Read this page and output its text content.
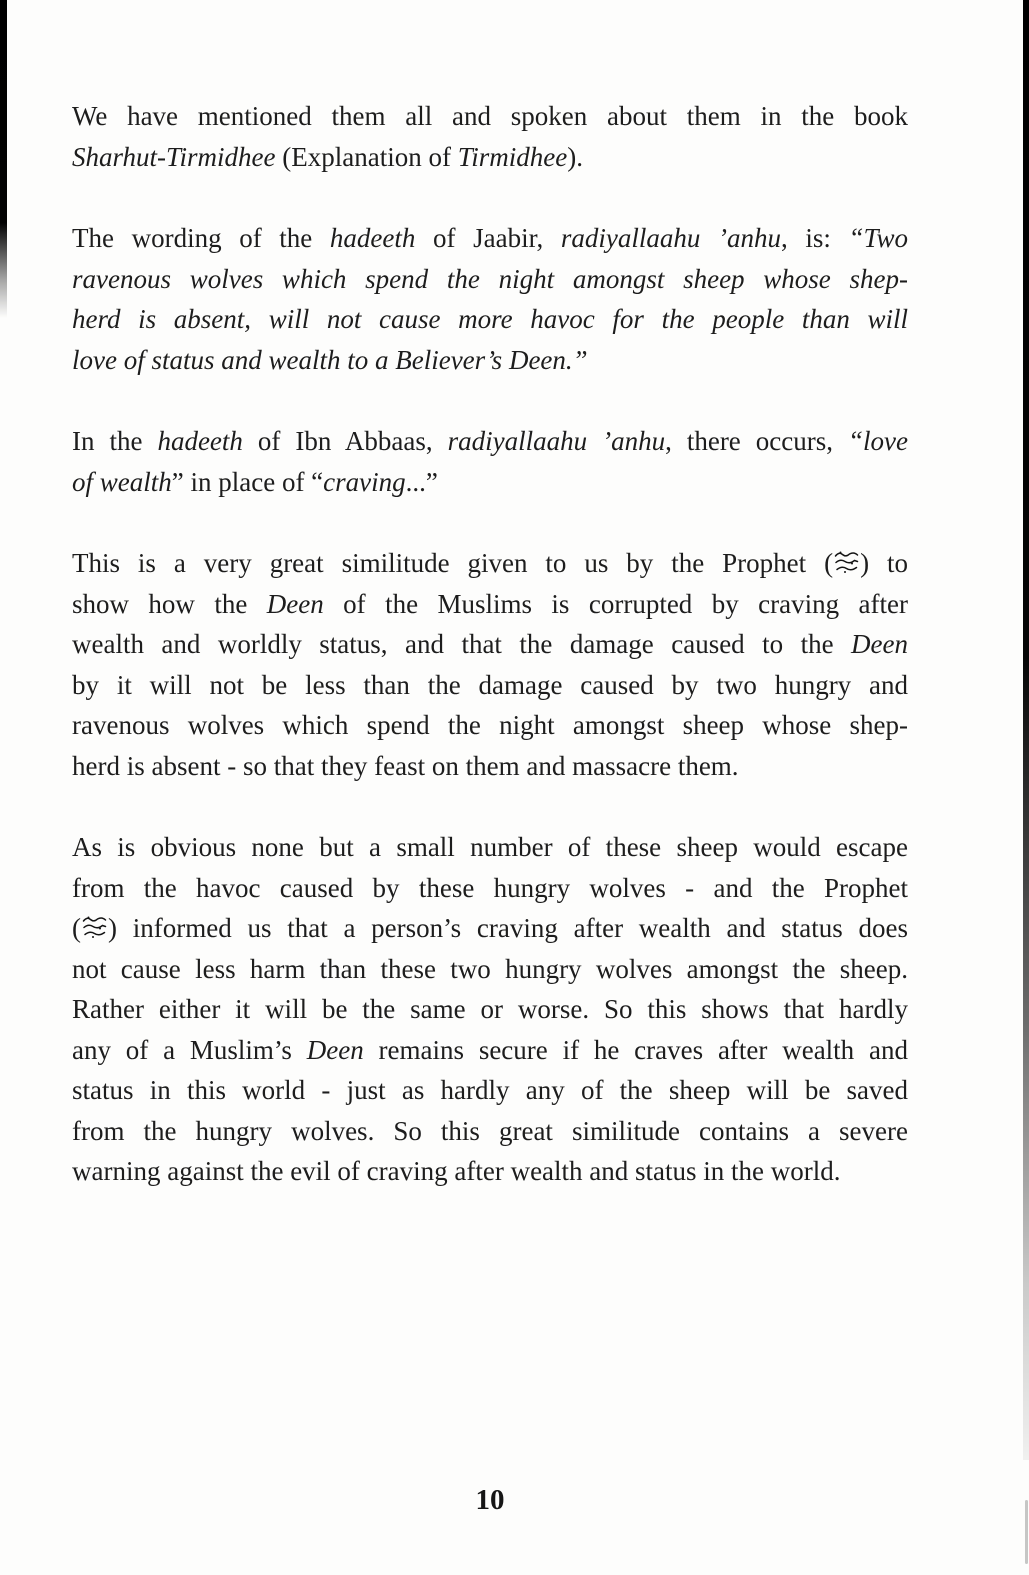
We have mentioned them all and spoken about them in the book
Sharhut-Tirmidhee (Explanation of Tirmidhee).
The wording of the hadeeth of Jaabir, radiyallaahu ’anhu, is: “Two
ravenous wolves which spend the night amongst sheep whose shep-
herd is absent, will not cause more havoc for the people than will
love of status and wealth to a Believer’s Deen.”
In the hadeeth of Ibn Abbaas, radiyallaahu ’anhu, there occurs, “love
of wealth” in place of “craving...”
This is a very great similitude given to us by the Prophet ( ) to
show how the Deen of the Muslims is corrupted by craving after
wealth and worldly status, and that the damage caused to the Deen
by it will not be less than the damage caused by two hungry and
ravenous wolves which spend the night amongst sheep whose shep-
herd is absent - so that they feast on them and massacre them.
As is obvious none but a small number of these sheep would escape
from the havoc caused by these hungry wolves - and the Prophet
( ) informed us that a person’s craving after wealth and status does
not cause less harm than these two hungry wolves amongst the sheep.
Rather either it will be the same or worse. So this shows that hardly
any of a Muslim’s Deen remains secure if he craves after wealth and
status in this world - just as hardly any of the sheep will be saved
from the hungry wolves. So this great similitude contains a severe
warning against the evil of craving after wealth and status in the world.
10
